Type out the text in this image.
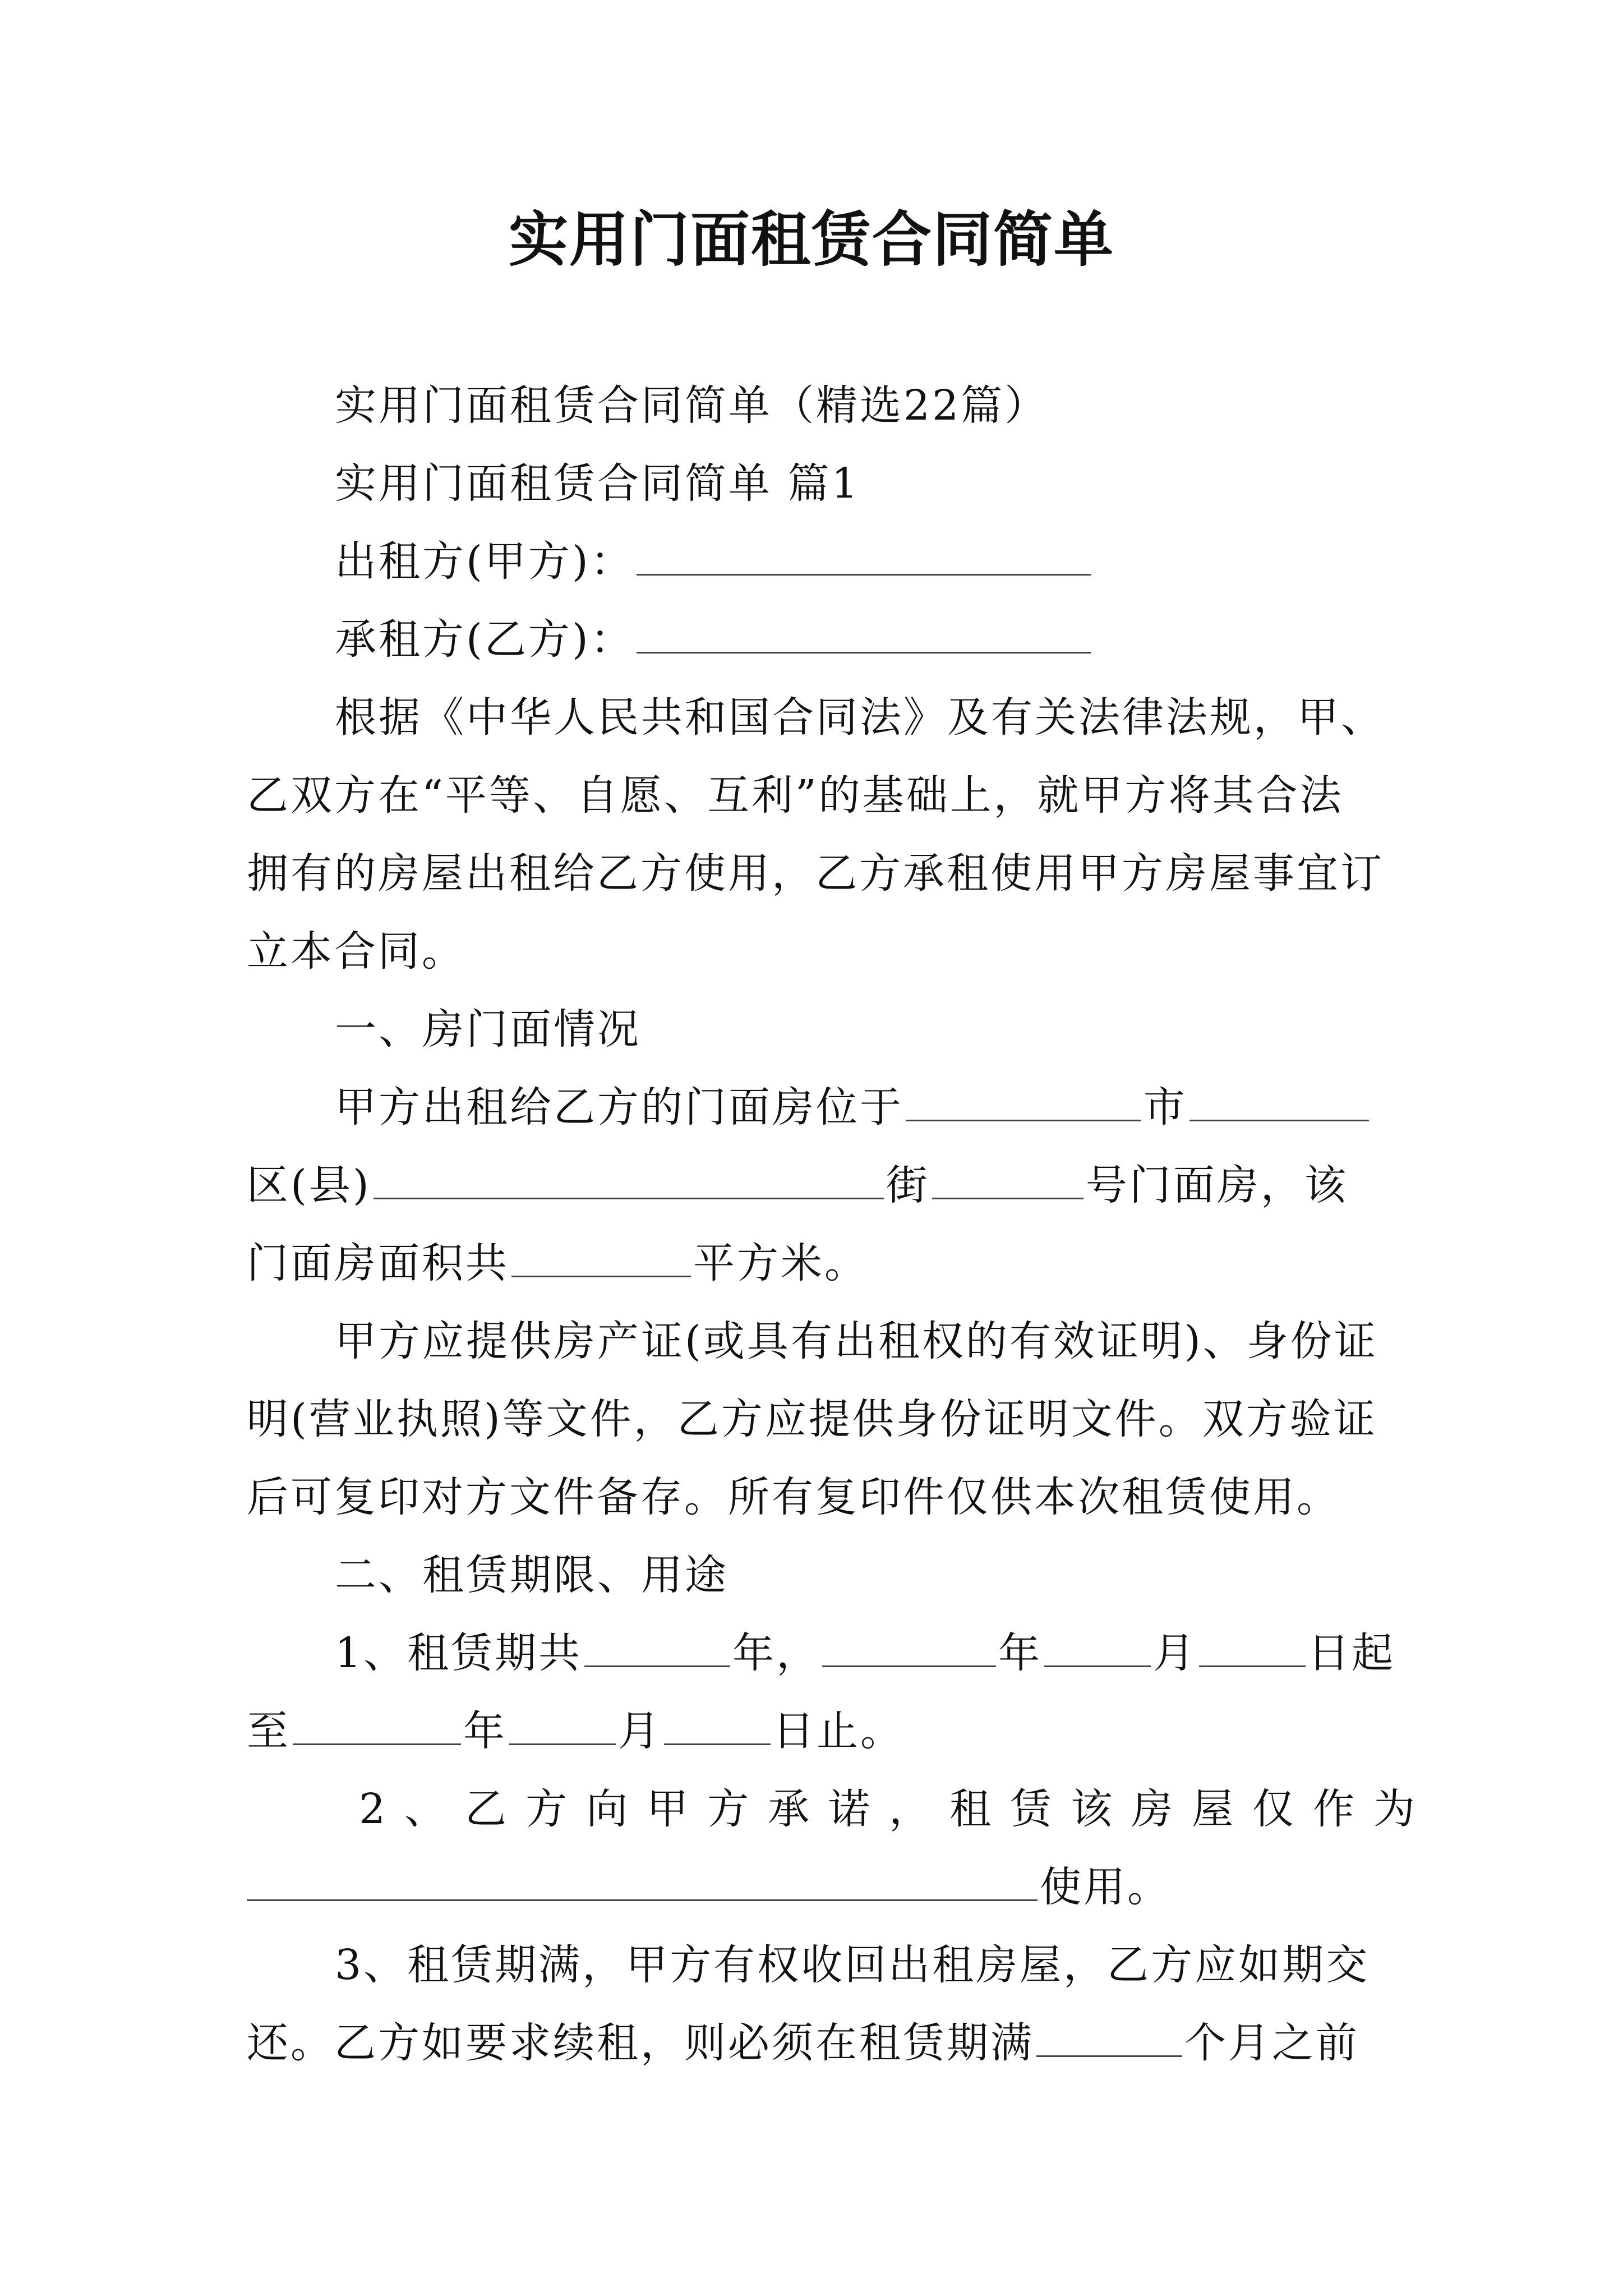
实用门面租赁合同简单
实用门面租赁合同简单（精选22篇）
实用门面租赁合同简单 篇1
出租方(甲方)：
承租方(乙方)：
根据《中华人民共和国合同法》及有关法律法规，甲、
乙双方在“平等、自愿、互利”的基础上，就甲方将其合法
拥有的房屋出租给乙方使用，乙方承租使用甲方房屋事宜订
立本合同。
一、房门面情况
甲方出租给乙方的门面房位于	市
区(县)	街	号门面房，该
门面房面积共	平方米。
甲方应提供房产证(或具有出租权的有效证明)、身份证
明(营业执照)等文件，乙方应提供身份证明文件。双方验证
后可复印对方文件备存。所有复印件仅供本次租赁使用。
二、租赁期限、用途
1、租赁期共	年，	年	月	日起
至	年	月	日止。
2、乙方向甲方承诺，租赁该房屋仅作为
使用。
3、租赁期满，甲方有权收回出租房屋，乙方应如期交
还。乙方如要求续租，则必须在租赁期满	个月之前
